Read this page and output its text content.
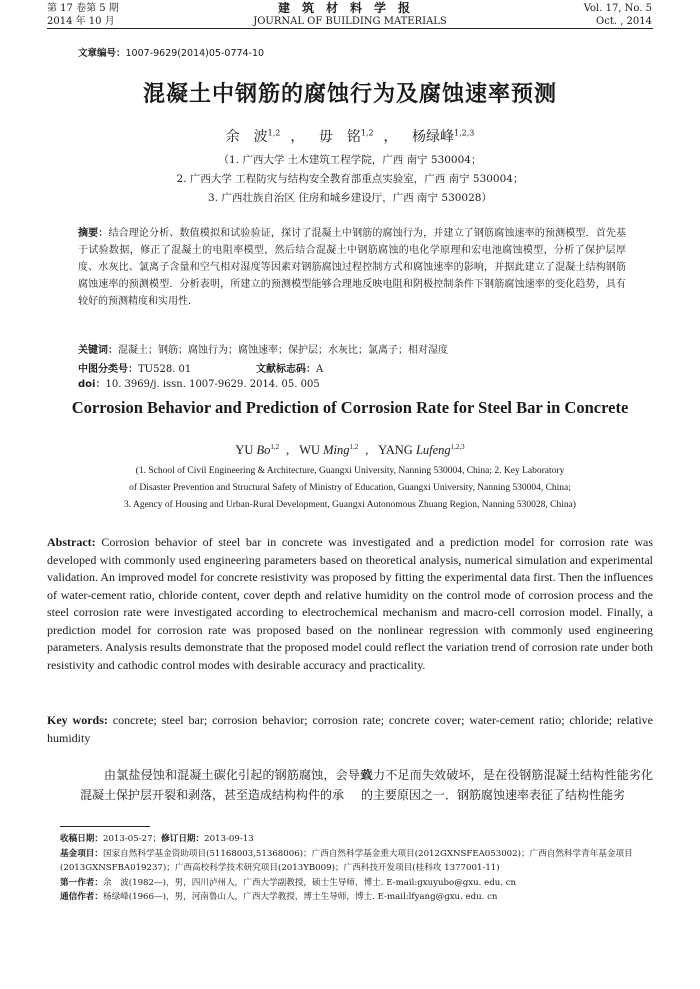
第 17 卷第 5 期
2014 年 10 月
建筑材料学报
JOURNAL OF BUILDING MATERIALS
Vol. 17, No. 5
Oct. , 2014
文章编号：1007-9629(2014)05-0774-10
混凝土中钢筋的腐蚀行为及腐蚀速率预测
余　波$^{1,2}$ ， 毋　铭$^{1,2}$ ， 杨绿峰$^{1,2,3}$
（1. 广西大学 土木建筑工程学院，广西 南宁 530004；
2. 广西大学 工程防灾与结构安全教育部重点实验室，广西 南宁 530004；
3. 广西壮族自治区 住房和城乡建设厅，广西 南宁 530028）
摘要：结合理论分析、数值模拟和试验验证，探讨了混凝土中钢筋的腐蚀行为，并建立了钢筋腐蚀速率的预测模型．首先基于试验数据，修正了混凝土的电阻率模型，然后结合混凝土中钢筋腐蚀的电化学原理和宏电池腐蚀模型，分析了保护层厚度、水灰比、氯离子含量和空气相对湿度等因素对钢筋腐蚀过程控制方式和腐蚀速率的影响，并据此建立了混凝土结构钢筋腐蚀速率的预测模型．分析表明，所建立的预测模型能够合理地反映电阻和阴极控制条件下钢筋腐蚀速率的变化趋势，具有较好的预测精度和实用性．
关键词：混凝土；钢筋；腐蚀行为；腐蚀速率；保护层；水灰比；氯离子；相对湿度
中图分类号：TU528. 01	文献标志码：Adoi：10. 3969/j. issn. 1007-9629. 2014. 05. 005
Corrosion Behavior and Prediction of Corrosion Rate for Steel Bar in Concrete
YU Bo$^{1,2}$ , WU Ming$^{1,2}$ , YANG Lufeng$^{1,2,3}$
(1. School of Civil Engineering & Architecture, Guangxi University, Nanning 530004, China; 2. Key Laboratory
of Disaster Prevention and Structural Safety of Ministry of Education, Guangxi University, Nanning 530004, China;
3. Agency of Housing and Urban-Rural Development, Guangxi Autonomous Zhuang Region, Nanning 530028, China)
Abstract: Corrosion behavior of steel bar in concrete was investigated and a prediction model for corrosion rate was developed with commonly used engineering parameters based on theoretical analysis, numerical simulation and experimental validation. An improved model for concrete resistivity was proposed by fitting the experimental data first. Then the influences of water-cement ratio, chloride content, cover depth and relative humidity on the control mode of corrosion process and the steel corrosion rate were investigated according to electrochemical mechanism and macro-cell corrosion model. Finally, a prediction model for corrosion rate was proposed based on the nonlinear regression with commonly used engineering parameters. Analysis results demonstrate that the proposed model could reflect the variation trend of corrosion rate under both resistivity and cathodic control modes with desirable accuracy and practicality.
Key words: concrete; steel bar; corrosion behavior; corrosion rate; concrete cover; water-cement ratio; chloride; relative humidity
由氯盐侵蚀和混凝土碳化引起的钢筋腐蚀，会导致混凝土保护层开裂和剥落，甚至造成结构构件的承
载力不足而失效破坏，是在役钢筋混凝土结构性能劣化的主要原因之一．钢筋腐蚀速率表征了结构性能劣

收稿日期：2013-05-27；修订日期：2013-09-13

基金项目：国家自然科学基金资助项目(51168003,51368006)；广西自然科学基金重大项目(2012GXNSFEA053002)；广西自然科学青年基金项目(2013GXNSFBA019237)；广西高校科学技术研究项目(2013YB009)；广西科技开发项目(桂科攻 1377001-11)

第一作者：余　波(1982—)，男，四川泸州人，广西大学副教授，硕士生导师，博士. E-mail:gxuyubo@gxu. edu. cn

通信作者：杨绿峰(1966—)，男，河南鲁山人，广西大学教授，博士生导师，博士. E-mail:lfyang@gxu. edu. cn
